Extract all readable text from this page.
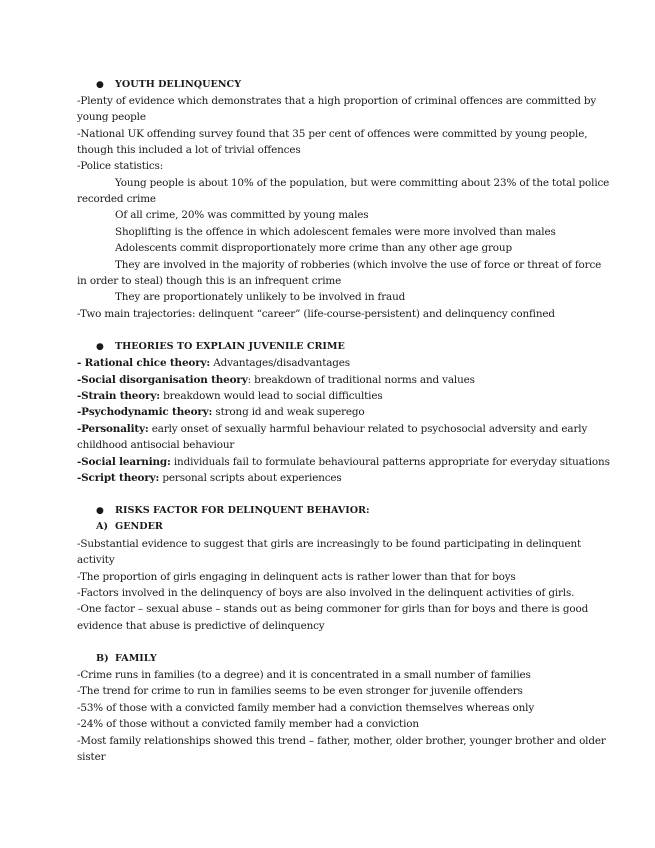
● YOUTH DELINQUENCY
-Plenty of evidence which demonstrates that a high proportion of criminal offences are committed by
young people
-National UK offending survey found that 35 per cent of offences were committed by young people,
though this included a lot of trivial offences
-Police statistics:
Young people is about 10% of the population, but were committing about 23% of the total police
recorded crime
Of all crime, 20% was committed by young males
Shoplifting is the offence in which adolescent females were more involved than males
Adolescents commit disproportionately more crime than any other age group
They are involved in the majority of robberies (which involve the use of force or threat of force
in order to steal) though this is an infrequent crime
They are proportionately unlikely to be involved in fraud
-Two main trajectories: delinquent “career” (life-course-persistent) and delinquency confined
● THEORIES TO EXPLAIN JUVENILE CRIME
- Rational chice theory: Advantages/disadvantages
-Social disorganisation theory: breakdown of traditional norms and values
-Strain theory: breakdown would lead to social difficulties
-Psychodynamic theory: strong id and weak superego
-Personality: early onset of sexually harmful behaviour related to psychosocial adversity and early
childhood antisocial behaviour
-Social learning: individuals fail to formulate behavioural patterns appropriate for everyday situations
-Script theory: personal scripts about experiences
● RISKS FACTOR FOR DELINQUENT BEHAVIOR:
A) GENDER
-Substantial evidence to suggest that girls are increasingly to be found participating in delinquent
activity
-The proportion of girls engaging in delinquent acts is rather lower than that for boys
-Factors involved in the delinquency of boys are also involved in the delinquent activities of girls.
-One factor – sexual abuse – stands out as being commoner for girls than for boys and there is good
evidence that abuse is predictive of delinquency
B) FAMILY
-Crime runs in families (to a degree) and it is concentrated in a small number of families
-The trend for crime to run in families seems to be even stronger for juvenile offenders
-53% of those with a convicted family member had a conviction themselves whereas only
-24% of those without a convicted family member had a conviction
-Most family relationships showed this trend – father, mother, older brother, younger brother and older
sister
